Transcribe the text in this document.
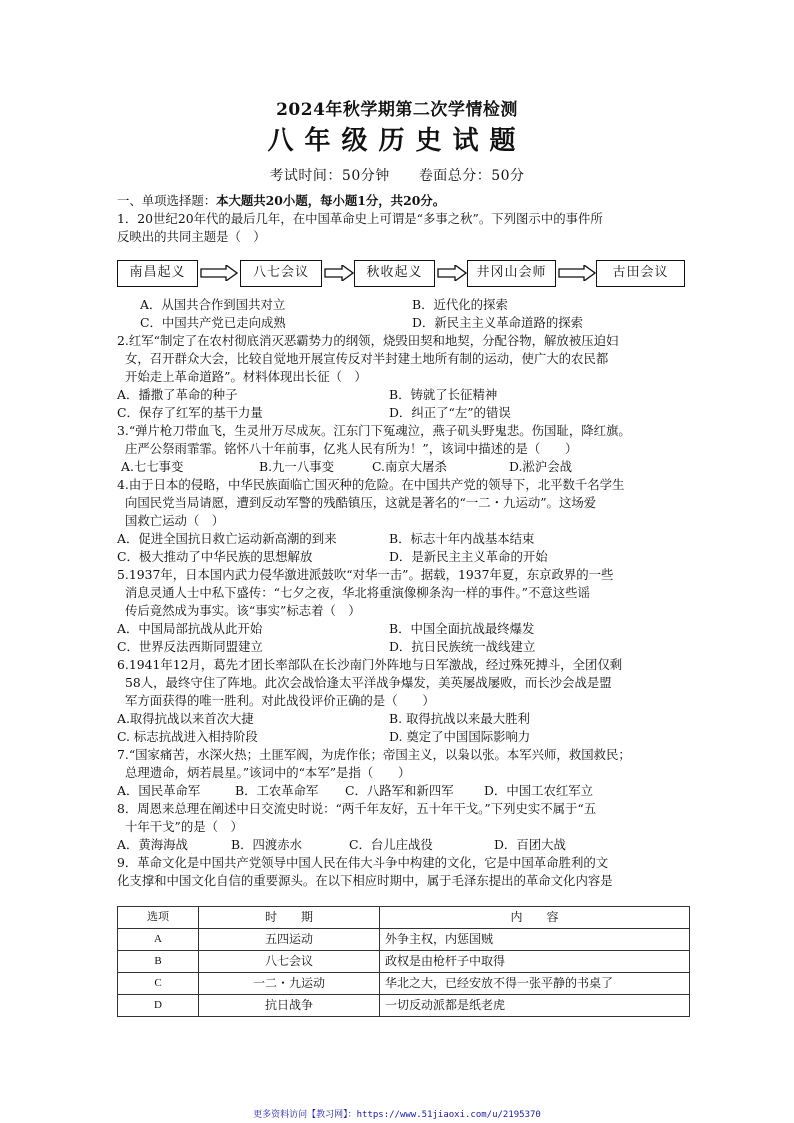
2024年秋学期第二次学情检测
八年级历史试题
考试时间：50分钟　　卷面总分：50分
一、单项选择题：本大题共20小题，每小题1分，共20分。
1．20世纪20年代的最后几年，在中国革命史上可谓是“多事之秋”。下列图示中的事件所
反映出的共同主题是（　）
南昌起义	八七会议	秋收起义	井冈山会师	古田会议
A．从国共合作到国共对立	B．近代化的探索
C．中国共产党已走向成熟	D．新民主主义革命道路的探索
2.红军“制定了在农村彻底消灭恶霸势力的纲领，烧毁田契和地契，分配谷物，解放被压迫妇
女，召开群众大会，比较自觉地开展宣传反对半封建土地所有制的运动，使广大的农民都
开始走上革命道路”。材料体现出长征（　）
A．播撒了革命的种子	B．铸就了长征精神
C．保存了红军的基干力量	D．纠正了“左”的错误
3.“弹片枪刀带血飞，生灵卅万尽成灰。江东门下冤魂泣，燕子矶头野鬼悲。伤国耻，降红旗。
庄严公祭雨霏霏。铭怀八十年前事，亿兆人民有所为！”，该词中描述的是（　　）
A.七七事变	B.九一八事变	C.南京大屠杀	D.淞沪会战
4.由于日本的侵略，中华民族面临亡国灭种的危险。在中国共产党的领导下，北平数千名学生
向国民党当局请愿，遭到反动军警的残酷镇压，这就是著名的“一二・九运动”。这场爱
国救亡运动（　）
A．促进全国抗日救亡运动新高潮的到来	B．标志十年内战基本结束
C．极大推动了中华民族的思想解放	D．是新民主主义革命的开始
5.1937年，日本国内武力侵华激进派鼓吹“对华一击”。据载，1937年夏，东京政界的一些
消息灵通人士中私下盛传：“七夕之夜，华北将重演像柳条沟一样的事件。”不意这些谣
传后竟然成为事实。该“事实”标志着（　）
A．中国局部抗战从此开始	B．中国全面抗战最终爆发
C．世界反法西斯同盟建立	D．抗日民族统一战线建立
6.1941年12月，葛先才团长率部队在长沙南门外阵地与日军激战，经过殊死搏斗，全团仅剩
58人，最终守住了阵地。此次会战恰逢太平洋战争爆发，美英屡战屡败，而长沙会战是盟
军方面获得的唯一胜利。对此战役评价正确的是（　　）
A.取得抗战以来首次大捷	B. 取得抗战以来最大胜利
C. 标志抗战进入相持阶段	D. 奠定了中国国际影响力
7.“国家痛苦，水深火热；土匪军阀，为虎作伥；帝国主义，以枭以张。本军兴师，救国救民；
总理遗命，炳若晨星。”该词中的“本军”是指（　　）
A．国民革命军	B．工农革命军	C．八路军和新四军	D．中国工农红军立
8．周恩来总理在阐述中日交流史时说：“两千年友好，五十年干戈。”下列史实不属于“五
十年干戈”的是（　）
A．黄海海战	B．四渡赤水	C．台儿庄战役	D．百团大战
9．革命文化是中国共产党领导中国人民在伟大斗争中构建的文化，它是中国革命胜利的文
化支撑和中国文化自信的重要源头。在以下相应时期中，属于毛泽东提出的革命文化内容是
选项	时　　期	内　　容
A	五四运动	外争主权，内惩国贼
B	八七会议	政权是由枪杆子中取得
C	一二・九运动	华北之大，已经安放不得一张平静的书桌了
D	抗日战争	一切反动派都是纸老虎
更多资料访问【教习网】：https://www.51jiaoxi.com/u/2195370
